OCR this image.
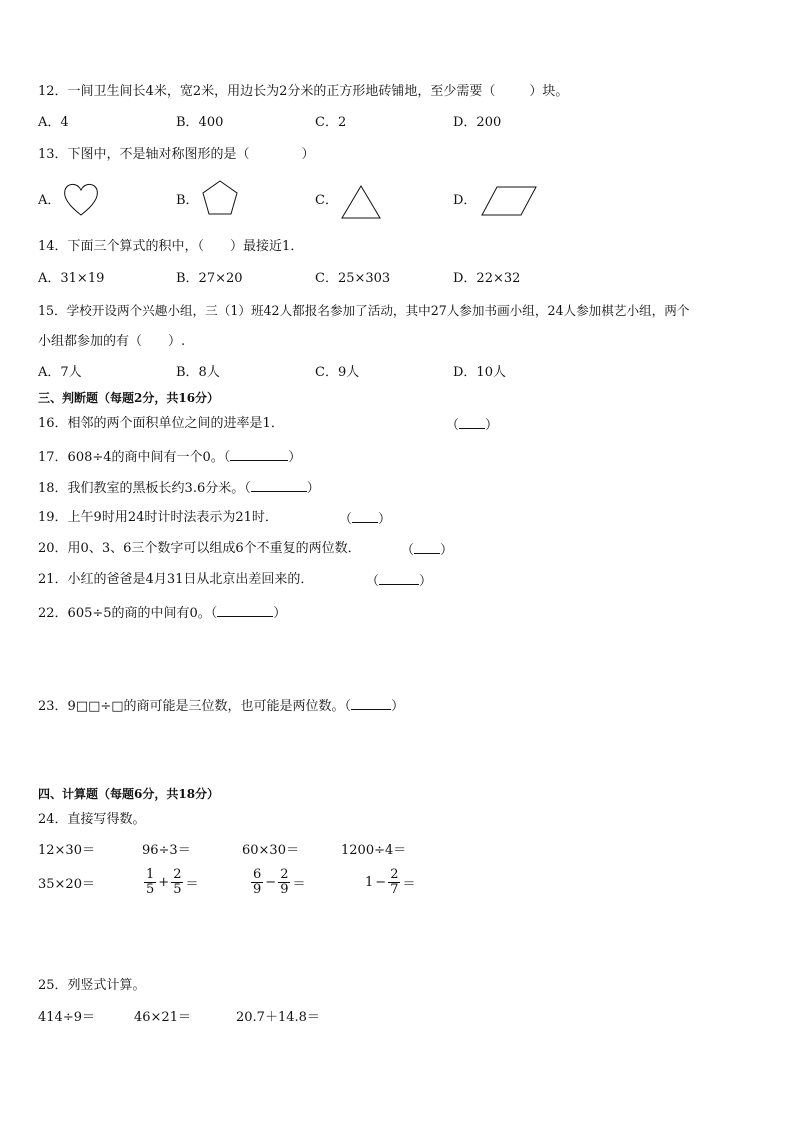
12．一间卫生间长4米，宽2米，用边长为2分米的正方形地砖铺地，至少需要（	）块。
A．4	B．400	C．2	D．200
13．下图中，不是轴对称图形的是（	）
A．	B．	C．	D．
14．下面三个算式的积中，（　　）最接近1．
A．31×19	B．27×20	C．25×303	D．22×32
15．学校开设两个兴趣小组，三（1）班42人都报名参加了活动，其中27人参加书画小组，24人参加棋艺小组，两个
小组都参加的有（　　）.
A．7人	B．8人	C．9人	D．10人
三、判断题（每题2分，共16分）
16．相邻的两个面积单位之间的进率是1．	（ ）
17．608÷4的商中间有一个0。（	）
18．我们教室的黑板长约3.6分米。（	）
19．上午9时用24时计时法表示为21时．	（ ）
20．用0、3、6三个数字可以组成6个不重复的两位数．	（ ）
21．小红的爸爸是4月31日从北京出差回来的．	（	）
22．605÷5的商的中间有0。（	）
23．9□□÷□的商可能是三位数，也可能是两位数。（	）
四、计算题（每题6分，共18分）
24．直接写得数。
12×30＝	96÷3＝	60×30＝	1200÷4＝
35×20＝	$\frac{1}{5} + \frac{2}{5}$ ＝	$\frac{6}{9} - \frac{2}{9}$ ＝	$1 - \frac{2}{7}$ ＝
25．列竖式计算。
414÷9＝	46×21＝	20.7＋14.8＝
